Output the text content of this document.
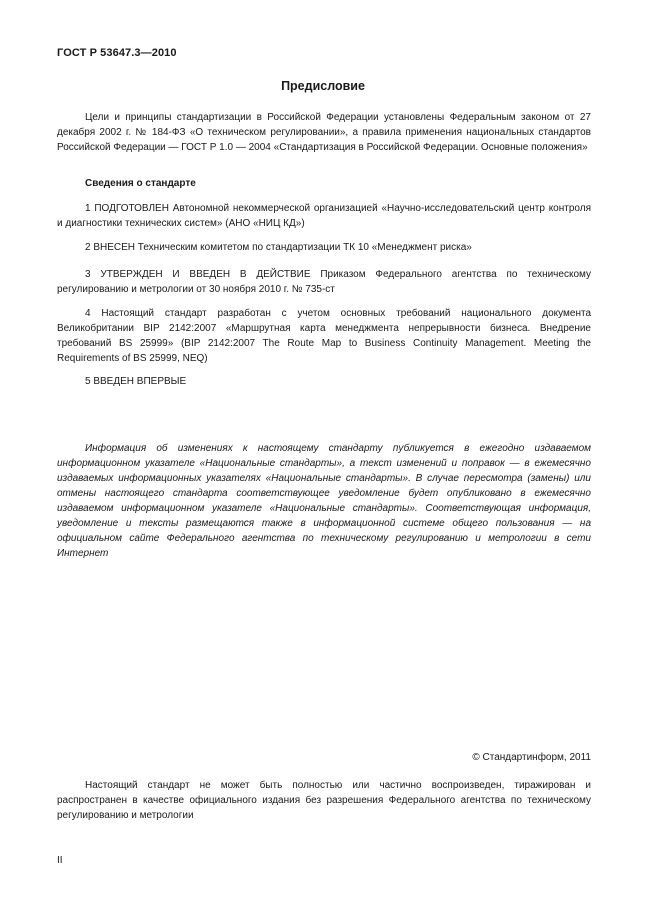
ГОСТ Р 53647.3—2010
Предисловие

Цели и принципы стандартизации в Российской Федерации установлены Федеральным законом от 27 декабря 2002 г. № 184-ФЗ «О техническом регулировании», а правила применения национальных стандартов Российской Федерации — ГОСТ Р 1.0 — 2004 «Стандартизация в Российской Федерации. Основные положения»

Сведения о стандарте

1 ПОДГОТОВЛЕН Автономной некоммерческой организацией «Научно-исследовательский центр контроля и диагностики технических систем» (АНО «НИЦ КД»)

2 ВНЕСЕН Техническим комитетом по стандартизации ТК 10 «Менеджмент риска»

3 УТВЕРЖДЕН И ВВЕДЕН В ДЕЙСТВИЕ Приказом Федерального агентства по техническому регулированию и метрологии от 30 ноября 2010 г. № 735-ст

4 Настоящий стандарт разработан с учетом основных требований национального документа Великобритании BIP 2142:2007 «Маршрутная карта менеджмента непрерывности бизнеса. Внедрение требований BS 25999» (BIP 2142:2007 The Route Map to Business Continuity Management. Meeting the Requirements of BS 25999, NEQ)

5 ВВЕДЕН ВПЕРВЫЕ

Информация об изменениях к настоящему стандарту публикуется в ежегодно издаваемом информационном указателе «Национальные стандарты», а текст изменений и поправок — в ежемесячно издаваемых информационных указателях «Национальные стандарты». В случае пересмотра (замены) или отмены настоящего стандарта соответствующее уведомление будет опубликовано в ежемесячно издаваемом информационном указателе «Национальные стандарты». Соответствующая информация, уведомление и тексты размещаются также в информационной системе общего пользования — на официальном сайте Федерального агентства по техническому регулированию и метрологии в сети Интернет

© Стандартинформ, 2011

Настоящий стандарт не может быть полностью или частично воспроизведен, тиражирован и распространен в качестве официального издания без разрешения Федерального агентства по техническому регулированию и метрологии

II
